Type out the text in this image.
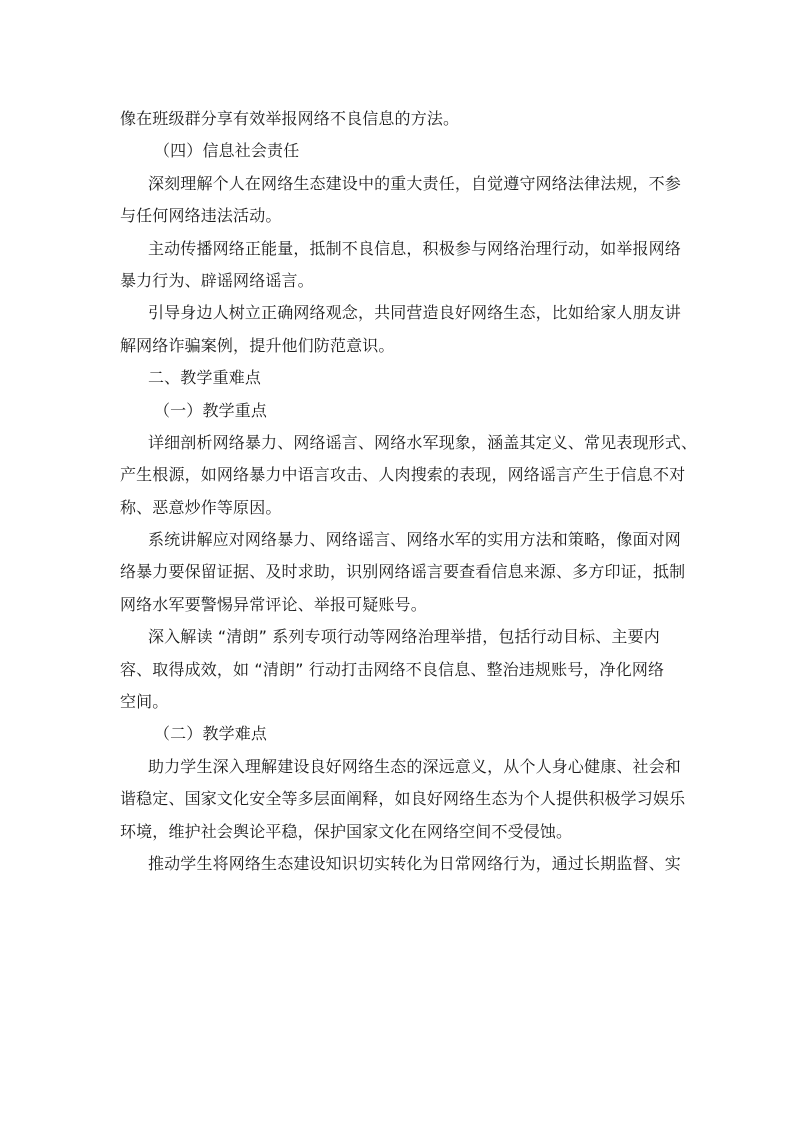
像在班级群分享有效举报网络不良信息的方法。
（四）信息社会责任
深刻理解个人在网络生态建设中的重大责任，自觉遵守网络法律法规，不参
与任何网络违法活动。
主动传播网络正能量，抵制不良信息，积极参与网络治理行动，如举报网络
暴力行为、辟谣网络谣言。
引导身边人树立正确网络观念，共同营造良好网络生态，比如给家人朋友讲
解网络诈骗案例，提升他们防范意识。
二、教学重难点
（一）教学重点
详细剖析网络暴力、网络谣言、网络水军现象，涵盖其定义、常见表现形式、
产生根源，如网络暴力中语言攻击、人肉搜索的表现，网络谣言产生于信息不对
称、恶意炒作等原因。
系统讲解应对网络暴力、网络谣言、网络水军的实用方法和策略，像面对网
络暴力要保留证据、及时求助，识别网络谣言要查看信息来源、多方印证，抵制
网络水军要警惕异常评论、举报可疑账号。
深入解读 “清朗” 系列专项行动等网络治理举措，包括行动目标、主要内
容、取得成效，如 “清朗” 行动打击网络不良信息、整治违规账号，净化网络
空间。
（二）教学难点
助力学生深入理解建设良好网络生态的深远意义，从个人身心健康、社会和
谐稳定、国家文化安全等多层面阐释，如良好网络生态为个人提供积极学习娱乐
环境，维护社会舆论平稳，保护国家文化在网络空间不受侵蚀。
推动学生将网络生态建设知识切实转化为日常网络行为，通过长期监督、实
